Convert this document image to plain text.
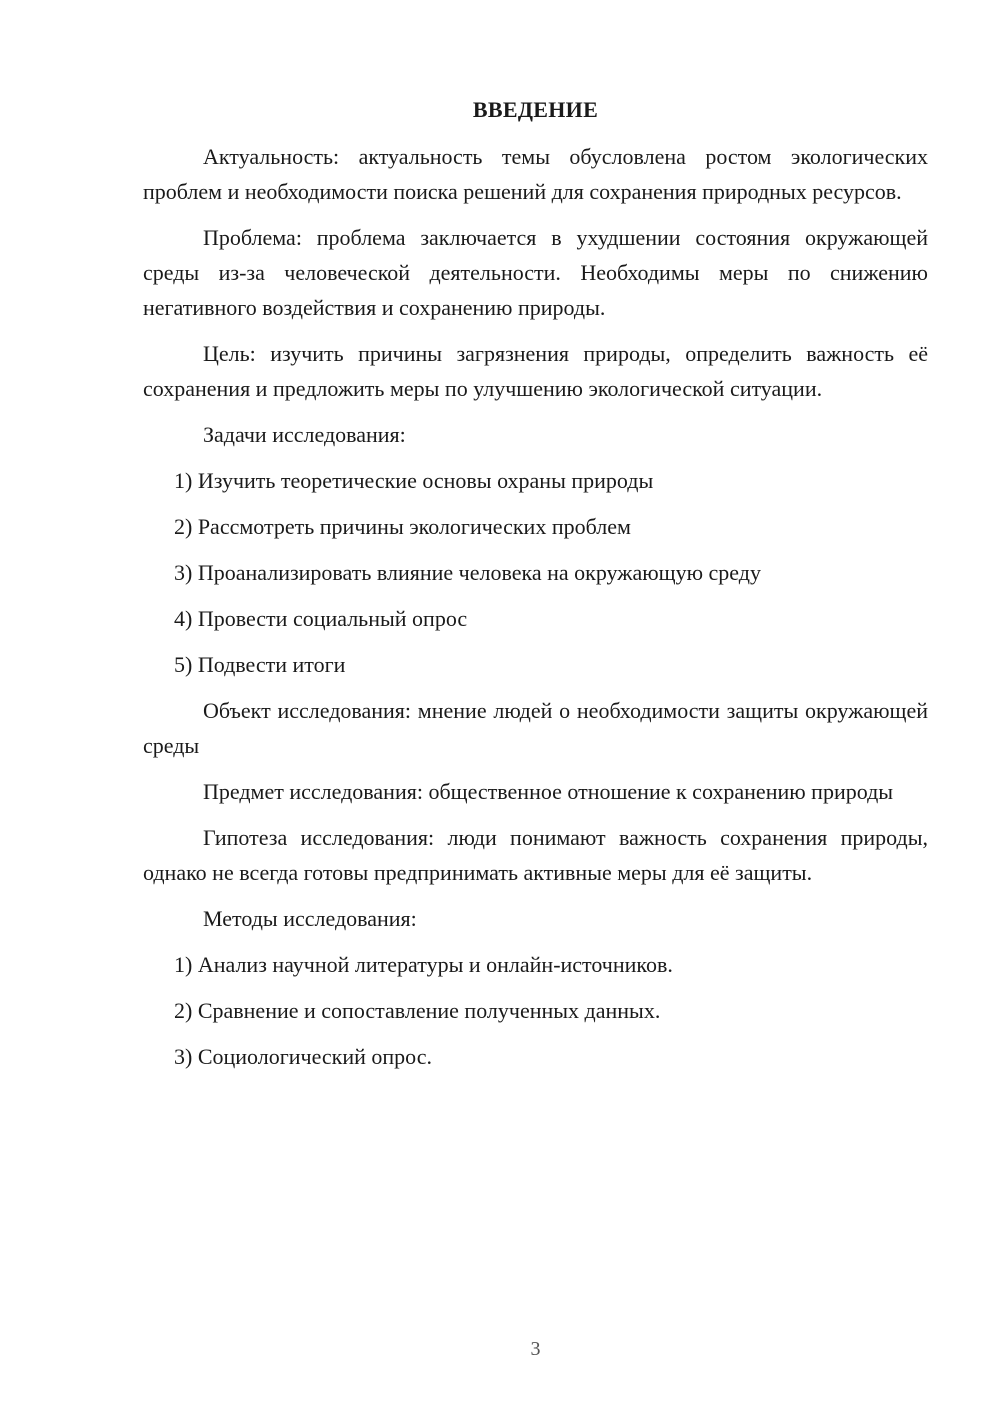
ВВЕДЕНИЕ

Актуальность: актуальность темы обусловлена ростом экологических проблем и необходимости поиска решений для сохранения природных ресурсов.

Проблема: проблема заключается в ухудшении состояния окружающей среды из-за человеческой деятельности. Необходимы меры по снижению негативного воздействия и сохранению природы.

Цель: изучить причины загрязнения природы, определить важность её сохранения и предложить меры по улучшению экологической ситуации.

Задачи исследования:

1) Изучить теоретические основы охраны природы
2) Рассмотреть причины экологических проблем
3) Проанализировать влияние человека на окружающую среду
4) Провести социальный опрос
5) Подвести итоги

Объект исследования: мнение людей о необходимости защиты окружающей среды

Предмет исследования: общественное отношение к сохранению природы

Гипотеза исследования: люди понимают важность сохранения природы, однако не всегда готовы предпринимать активные меры для её защиты.

Методы исследования:

1) Анализ научной литературы и онлайн-источников.
2) Сравнение и сопоставление полученных данных.
3) Социологический опрос.
3
